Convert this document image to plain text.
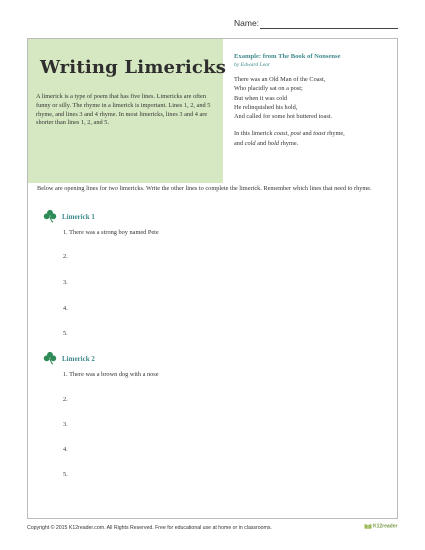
Name:
Writing Limericks
A limerick is a type of poem that has five lines. Limericks are often funny or silly. The rhyme in a limerick is important. Lines 1, 2, and 5 rhyme, and lines 3 and 4 rhyme. In most limericks, lines 3 and 4 are shorter than lines 1, 2, and 5.
Example: from The Book of Nonsense
by Edward Lear
There was an Old Man of the Coast,
Who placidly sat on a post;
But when it was cold
He relinquished his hold,
And called for some hot buttered toast.
In this limerick coast, post and toast rhyme,
and cold and hold rhyme.
Below are opening lines for two limericks. Write the other lines to complete the limerick. Remember which lines that need to rhyme.
Limerick 1
1. There was a strong boy named Pete
2.
3.
4.
5.
Limerick 2
1. There was a brown dog with a nose
2.
3.
4.
5.
Copyright © 2015 K12reader.com. All Rights Reserved. Free for educational use at home or in classrooms.	K12reader
